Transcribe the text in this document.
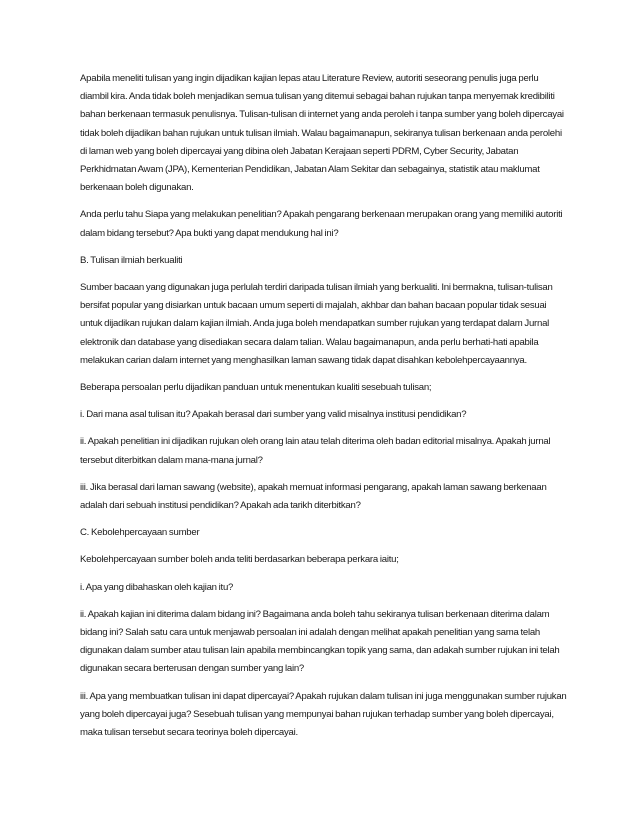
Apabila meneliti tulisan yang ingin dijadikan kajian lepas atau Literature Review, autoriti seseorang penulis juga perlu diambil kira. Anda tidak boleh menjadikan semua tulisan yang ditemui sebagai bahan rujukan tanpa menyemak kredibiliti bahan berkenaan termasuk penulisnya. Tulisan-tulisan di internet yang anda peroleh i tanpa sumber yang boleh dipercayai tidak boleh dijadikan bahan rujukan untuk tulisan ilmiah. Walau bagaimanapun, sekiranya tulisan berkenaan anda perolehi di laman web yang boleh dipercayai yang dibina oleh Jabatan Kerajaan seperti PDRM, Cyber Security, Jabatan Perkhidmatan Awam (JPA), Kementerian Pendidikan, Jabatan Alam Sekitar dan sebagainya, statistik atau maklumat berkenaan boleh digunakan.

Anda perlu tahu Siapa yang melakukan penelitian? Apakah pengarang berkenaan merupakan orang yang memiliki autoriti dalam bidang tersebut? Apa bukti yang dapat mendukung hal ini?

B. Tulisan ilmiah berkualiti

Sumber bacaan yang digunakan juga perlulah terdiri daripada tulisan ilmiah yang berkualiti. Ini bermakna, tulisan-tulisan bersifat popular yang disiarkan untuk bacaan umum seperti di majalah, akhbar dan bahan bacaan popular tidak sesuai untuk dijadikan rujukan dalam kajian ilmiah. Anda juga boleh mendapatkan sumber rujukan yang terdapat dalam Jurnal elektronik dan database yang disediakan secara dalam talian. Walau bagaimanapun, anda perlu berhati-hati apabila melakukan carian dalam internet yang menghasilkan laman sawang tidak dapat disahkan kebolehpercayaannya.

Beberapa persoalan perlu dijadikan panduan untuk menentukan kualiti sesebuah tulisan;

i. Dari mana asal tulisan itu? Apakah berasal dari sumber yang valid misalnya institusi pendidikan?

ii. Apakah penelitian ini dijadikan rujukan oleh orang lain atau telah diterima oleh badan editorial misalnya. Apakah jurnal tersebut diterbitkan dalam mana-mana jurnal?

iii. Jika berasal dari laman sawang (website), apakah memuat informasi pengarang, apakah laman sawang berkenaan adalah dari sebuah institusi pendidikan? Apakah ada tarikh diterbitkan?

C. Kebolehpercayaan sumber

Kebolehpercayaan sumber boleh anda teliti berdasarkan beberapa perkara iaitu;

i. Apa yang dibahaskan oleh kajian itu?

ii. Apakah kajian ini diterima dalam bidang ini? Bagaimana anda boleh tahu sekiranya tulisan berkenaan diterima dalam bidang ini? Salah satu cara untuk menjawab persoalan ini adalah dengan melihat apakah penelitian yang sama telah digunakan dalam sumber atau tulisan lain apabila membincangkan topik yang sama, dan adakah sumber rujukan ini telah digunakan secara berterusan dengan sumber yang lain?

iii. Apa yang membuatkan tulisan ini dapat dipercayai? Apakah rujukan dalam tulisan ini juga menggunakan sumber rujukan yang boleh dipercayai juga? Sesebuah tulisan yang mempunyai bahan rujukan terhadap sumber yang boleh dipercayai, maka tulisan tersebut secara teorinya boleh dipercayai.
